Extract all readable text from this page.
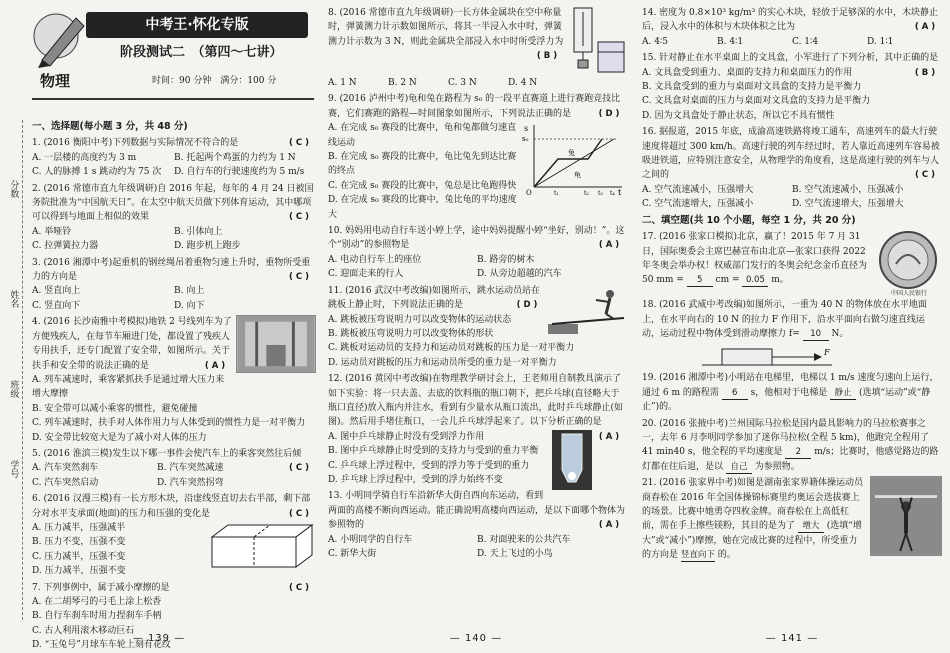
分数
姓名
班级
学号
中考王·怀化专版
阶段测试二　（第四～七讲）
物理	时间：90 分钟　满分：100 分
一、选择题(每小题 3 分，共 48 分)

1. (2016 衡阳中考)下列数据与实际情况不符合的是	( C )

A. 一层楼的高度约为 3 m	B. 托起两个鸡蛋的力约为 1 N
C. 人的脉搏 1 s 跳动约为 75 次	D. 自行车的行驶速度约为 5 m/s

2. (2016 常德市直九年级调研)自 2016 年起，每年的 4 月 24 日被国务院批准为“中国航天日”。在太空中航天员做下列体育运动，其中哪项可以得到与地面上相似的效果	( C )

A. 举哑铃	B. 引体向上
C. 拉弹簧拉力器	D. 跑步机上跑步

3. (2016 湘潭中考)起重机的钢丝绳吊着重物匀速上升时，重物所受重力的方向是	( C )

A. 竖直向上	B. 向上
C. 竖直向下	D. 向下

4. (2016 长沙南雅中考模拟)地铁 2 号线列车为了方便残疾人，在每节车厢进门处，都设置了残疾人专用扶手，还专门配置了安全带，如图所示。关于扶手和安全带的说法正确的是	( A )

A. 列车减速时，乘客紧抓扶手是通过增大压力来增大摩擦

B. 安全带可以减小乘客的惯性，避免碰撞

C. 列车减速时，扶手对人体作用力与人体受到的惯性力是一对平衡力

D. 安全带比较宽大是为了减小对人体的压力

5. (2016 淮滨三模)发生以下哪一事件会使汽车上的乘客突然往后倾
( C )

A. 汽车突然刹车	B. 汽车突然减速
C. 汽车突然启动	D. 汽车突然拐弯

6. (2016 汉漫三模)有一长方形木块，沿虚线竖直切去右半部，剩下部分对水平支承面(地面)的压力和压强的变化是	( C )

A. 压力减半，压强减半

B. 压力不变，压强不变

C. 压力减半，压强不变

D. 压力减半，压强不变

7. 下列事例中，属于减小摩擦的是	( C )

A. 在二胡琴弓的弓毛上涂上松香

B. 自行车刹车时用力捏刹车手柄

C. 古人利用滚木移动巨石

D. “玉兔号”月球车车轮上刻有花纹

— 139 —

8. (2016 常德市直九年级调研)一长方体金属块在空中称量时，弹簧测力计示数如图所示，将其一半浸入水中时，弹簧测力计示数为 3 N，则此金属块全部浸入水中时所受浮力为
( B )

A. 1 N	B. 2 N	C. 3 N	D. 4 N

9. (2016 泸州中考)龟和兔在路程为 s₀ 的一段平直赛道上进行赛跑竞技比赛，它们赛跑的路程—时间图象如图所示，下列说法正确的是	( D )

s
s₀
t
O
兔
龟
t₁	t₂ t₃ t₄

A. 在完成 s₀ 赛段的比赛中，龟和兔都做匀速直线运动

B. 在完成 s₀ 赛段的比赛中，龟比兔先到达比赛的终点

C. 在完成 s₀ 赛段的比赛中，兔总是比龟跑得快

D. 在完成 s₀ 赛段的比赛中，兔比龟的平均速度大

10. 妈妈用电动自行车送小婷上学，途中妈妈提醒小婷“坐好，别动！”。这个“别动”的参照物是	( A )

A. 电动自行车上的座位	B. 路旁的树木
C. 迎面走来的行人	D. 从旁边超越的汽车

11. (2016 武汉中考改编)如图所示，跳水运动员站在跳板上静止时，下列说法正确的是	( D )

A. 跳板被压弯说明力可以改变物体的运动状态

B. 跳板被压弯说明力可以改变物体的形状

C. 跳板对运动员的支持力和运动员对跳板的压力是一对平衡力

D. 运动员对跳板的压力和运动员所受的重力是一对平衡力

12. (2016 黄冈中考改编)在物理教学研讨会上，王老师用自制教具演示了如下实验：将一只去盖、去底的饮料瓶的瓶口朝下，把乒乓球(直径略大于瓶口直径)放入瓶内并注水，看到有少量水从瓶口流出，此时乒乓球静止(如图)。然后用手堵住瓶口，一会儿乒乓球浮起来了。以下分析正确的是
( A )

A. 图中乒乓球静止时没有受到浮力作用

B. 图中乒乓球静止时受到的支持力与受到的重力平衡

C. 乒乓球上浮过程中，受到的浮力等于受到的重力

D. 乒乓球上浮过程中，受到的浮力始终不变

13. 小明同学骑自行车沿新华大街自西向东运动，看到两面的高楼不断向西运动。能正确说明高楼向西运动，是以下面哪个物体为参照物的	( A )

A. 小明同学的自行车	B. 对面驶来的公共汽车
C. 新华大街	D. 天上飞过的小鸟
— 140 —

14. 密度为 0.8×10³ kg/m³ 的实心木块，轻放于足够深的水中，木块静止后，浸入水中的体积与木块体积之比为	( A )

A. 4∶5	B. 4∶1	C. 1∶4	D. 1∶1

15. 针对静止在水平桌面上的文具盒，小军进行了下列分析，其中正确的是
( B )

A. 文具盒受到重力、桌面的支持力和桌面压力的作用

B. 文具盒受到的重力与桌面对文具盒的支持力是平衡力

C. 文具盒对桌面的压力与桌面对文具盒的支持力是平衡力

D. 因为文具盒处于静止状态，所以它不具有惯性

16. 据报道，2015 年底，成渝高速铁路将竣工通车，高速列车的最大行驶速度将超过 300 km/h。高速行驶的列车经过时，若人靠近高速列车容易被吸进铁道，应特别注意安全，从物理学的角度看，这是高速行驶的列车与人之间的	( C )

A. 空气流速减小，压强增大	B. 空气流速减小，压强减小
C. 空气流速增大，压强减小	D. 空气流速增大，压强增大
二、填空题(共 10 个小题，每空 1 分，共 20 分)
中国人民银行

17. (2016 张家口模拟)北京，赢了！2015 年 7 月 31 日，国际奥委会主席巴赫宣布由北京—张家口获得 2022 年冬奥会举办权！权威部门发行的冬奥会纪念金币直径为 50 mm = 5 cm = 0.05 m。

18. (2016 武威中考改编)如图所示，一重为 40 N 的物体放在水平地面上，在水平向右的 10 N 的拉力 F 作用下，沿水平面向右做匀速直线运动，运动过程中物体受到滑动摩擦力 f= 10 N。

F

19. (2016 湘潭中考)小明站在电梯里，电梯以 1 m/s 速度匀速向上运行，通过 6 m 的路程需 6 s，他相对于电梯是 静止 (选填“运动”或“静止”)的。

20. (2016 张掖中考)兰州国际马拉松是国内最具影响力的马拉松赛事之一，去年 6 月李明同学参加了迷你马拉松(全程 5 km)，他跑完全程用了 41 min40 s，他全程的平均速度是 2 m/s；比赛时，他感觉路边的路灯都在往后退，是以 自己 为参照物。

21. (2016 张家界中考)如图是湖南张家界籍体操运动员商春松在 2016 年全国体操锦标赛里约奥运会选拔赛上的场景。比赛中她勇夺四枚金牌。商春松在上高低杠前，需在手上擦些镁粉，其目的是为了 增大 (选填“增大”或“减小”)摩擦，她在完成比赛的过程中，所受重力的方向是 竖直向下 的。

— 141 —
